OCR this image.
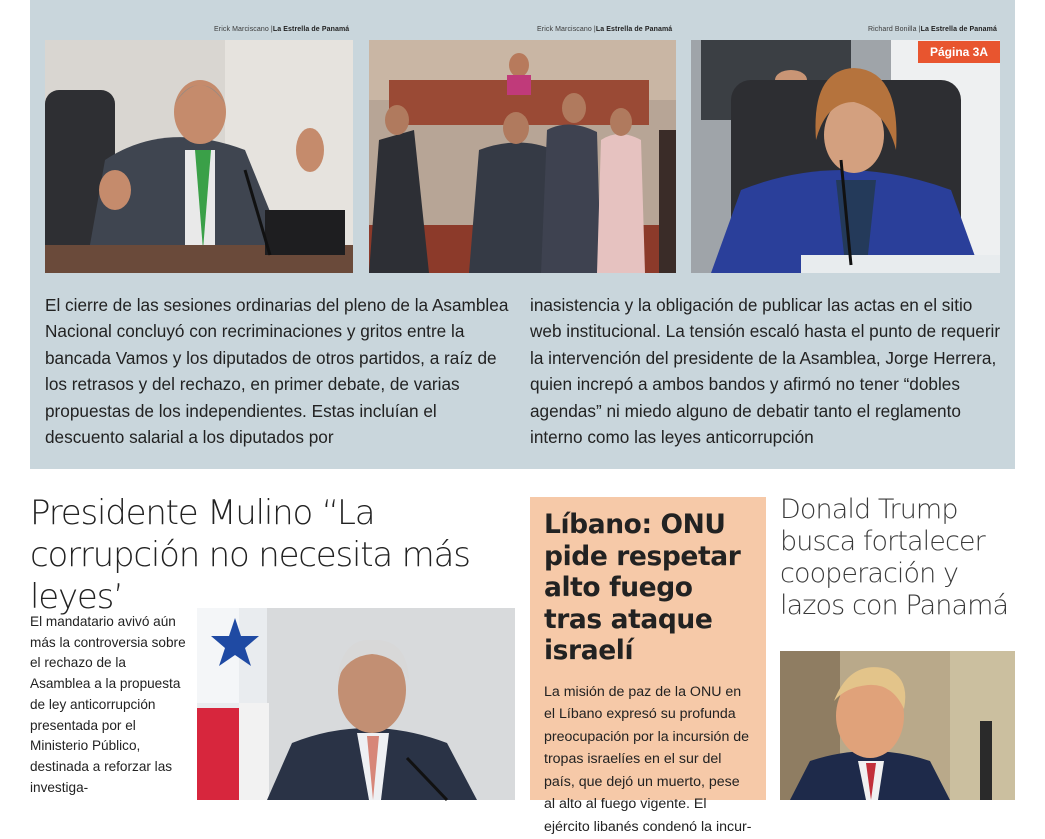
Erick Marciscano |La Estrella de Panamá	Erick Marciscano |La Estrella de Panamá	Richard Bonilla |La Estrella de Panamá
Página 3A

El cierre de las sesiones ordinarias del pleno de la Asamblea Nacional concluyó con recriminaciones y gritos entre la bancada Vamos y los diputados de otros partidos, a raíz de los retrasos y del rechazo, en primer debate, de varias propuestas de los independientes. Estas incluían el descuento salarial a los diputados por

inasistencia y la obligación de publicar las actas en el sitio web institucional. La tensión escaló hasta el punto de requerir la intervención del presidente de la Asamblea, Jorge Herrera, quien increpó a ambos bandos y afirmó no tener “dobles agendas” ni miedo alguno de debatir tanto el reglamento interno como las leyes anticorrupción

Presidente Mulino “La corrupción no necesita más leyes’
El mandatario avivó aún más la controversia sobre el rechazo de la Asamblea a la propuesta de ley anticorrupción presentada por el Ministerio Público, destinada a reforzar las investiga-
Líbano: ONU pide respetar alto fuego tras ataque israelí

La misión de paz de la ONU en el Líbano expresó su profunda preocupación por la incursión de tropas israelíes en el sur del país, que dejó un muerto, pese al alto al fuego vigente. El ejército libanés condenó la incur-

Donald Trump busca fortalecer cooperación y lazos con Panamá
